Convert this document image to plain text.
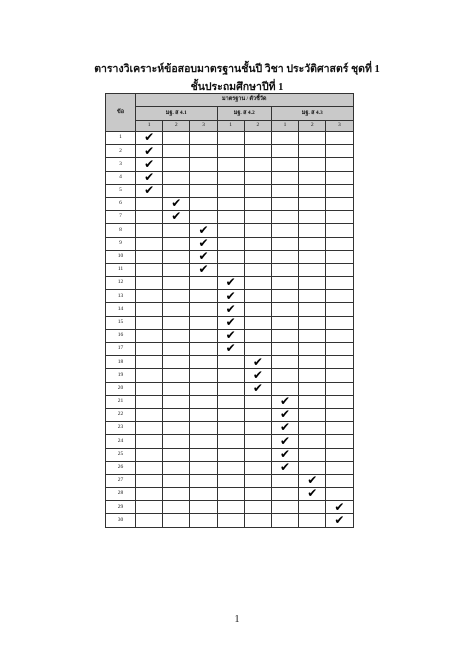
ตารางวิเคราะห์ข้อสอบมาตรฐานชั้นปี วิชา ประวัติศาสตร์ ชุดที่ 1
ชั้นประถมศึกษาปีที่ 1
ข้อ	มาตรฐาน / ตัวชี้วัด							
	มฐ. ส 4.1			มฐ. ส 4.2		มฐ. ส 4.3		
	1	2	3	1	2	1	2	3
1	✔							
2	✔							
3	✔							
4	✔							
5	✔							
6		✔						
7		✔						
8			✔					
9			✔					
10			✔					
11			✔					
12				✔				
13				✔				
14				✔				
15				✔				
16				✔				
17				✔				
18					✔			
19					✔			
20					✔			
21						✔		
22						✔		
23						✔		
24						✔		
25						✔		
26						✔		
27							✔	
28							✔	
29								✔
30								✔
1
